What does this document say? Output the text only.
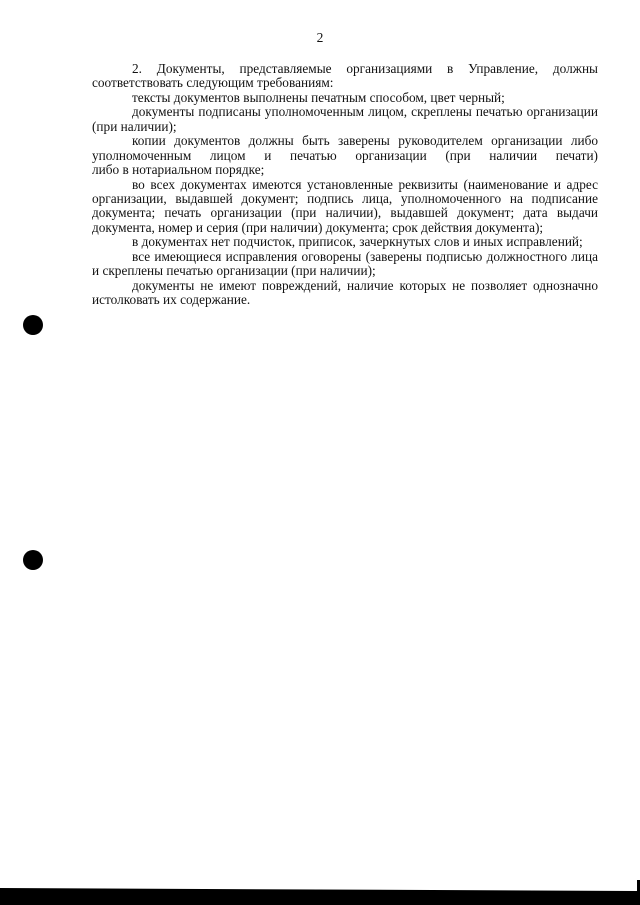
2
2. Документы, представляемые организациями в Управление, должны
соответствовать следующим требованиям:
тексты документов выполнены печатным способом, цвет черный;
документы подписаны уполномоченным лицом, скреплены печатью организации
(при наличии);
копии документов должны быть заверены руководителем организации либо
уполномоченным лицом и печатью организации (при наличии печати)
либо в нотариальном порядке;
во всех документах имеются установленные реквизиты (наименование и адрес
организации, выдавшей документ; подпись лица, уполномоченного на подписание
документа; печать организации (при наличии), выдавшей документ; дата выдачи
документа, номер и серия (при наличии) документа; срок действия документа);
в документах нет подчисток, приписок, зачеркнутых слов и иных исправлений;
все имеющиеся исправления оговорены (заверены подписью должностного лица
и скреплены печатью организации (при наличии);
документы не имеют повреждений, наличие которых не позволяет однозначно
истолковать их содержание.
